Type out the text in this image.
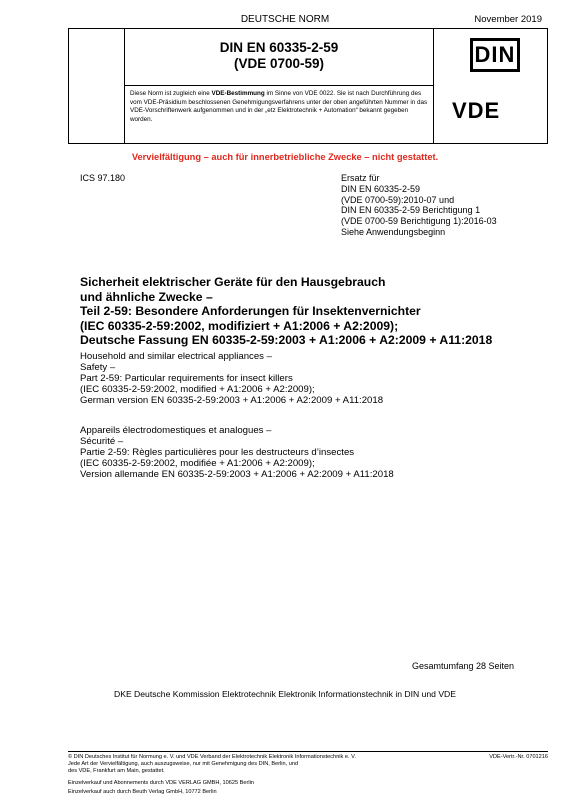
DEUTSCHE NORM	November 2019
DIN EN 60335-2-59
(VDE 0700-59)
Diese Norm ist zugleich eine VDE-Bestimmung im Sinne von VDE 0022. Sie ist nach Durchführung des vom VDE-Präsidium beschlossenen Genehmigungsverfahrens unter der oben angeführten Nummer in das VDE-Vorschriftenwerk aufgenommen und in der „etz Elektrotechnik + Automation“ bekannt gegeben worden.
DIN
VDE
Vervielfältigung – auch für innerbetriebliche Zwecke – nicht gestattet.
ICS 97.180	Ersatz für
DIN EN 60335-2-59
(VDE 0700-59):2010-07 und
DIN EN 60335-2-59 Berichtigung 1
(VDE 0700-59 Berichtigung 1):2016-03
Siehe Anwendungsbeginn
Sicherheit elektrischer Geräte für den Hausgebrauch
und ähnliche Zwecke –
Teil 2-59: Besondere Anforderungen für Insektenvernichter
(IEC 60335-2-59:2002, modifiziert + A1:2006 + A2:2009);
Deutsche Fassung EN 60335-2-59:2003 + A1:2006 + A2:2009 + A11:2018
Household and similar electrical appliances –
Safety –
Part 2-59: Particular requirements for insect killers
(IEC 60335-2-59:2002, modified + A1:2006 + A2:2009);
German version EN 60335-2-59:2003 + A1:2006 + A2:2009 + A11:2018
Appareils électrodomestiques et analogues –
Sécurité –
Partie 2-59: Règles particulières pour les destructeurs d’insectes
(IEC 60335-2-59:2002, modifiée + A1:2006 + A2:2009);
Version allemande EN 60335-2-59:2003 + A1:2006 + A2:2009 + A11:2018
Gesamtumfang 28 Seiten
DKE Deutsche Kommission Elektrotechnik Elektronik Informationstechnik in DIN und VDE
© DIN Deutsches Institut für Normung e. V. und VDE Verband der Elektrotechnik Elektronik Informationstechnik e. V.
Jede Art der Vervielfältigung, auch auszugsweise, nur mit Genehmigung des DIN, Berlin, und
des VDE, Frankfurt am Main, gestattet.
VDE-Vertr.-Nr. 0701216
Einzelverkauf und Abonnements durch VDE VERLAG GMBH, 10625 Berlin
Einzelverkauf auch durch Beuth Verlag GmbH, 10772 Berlin
